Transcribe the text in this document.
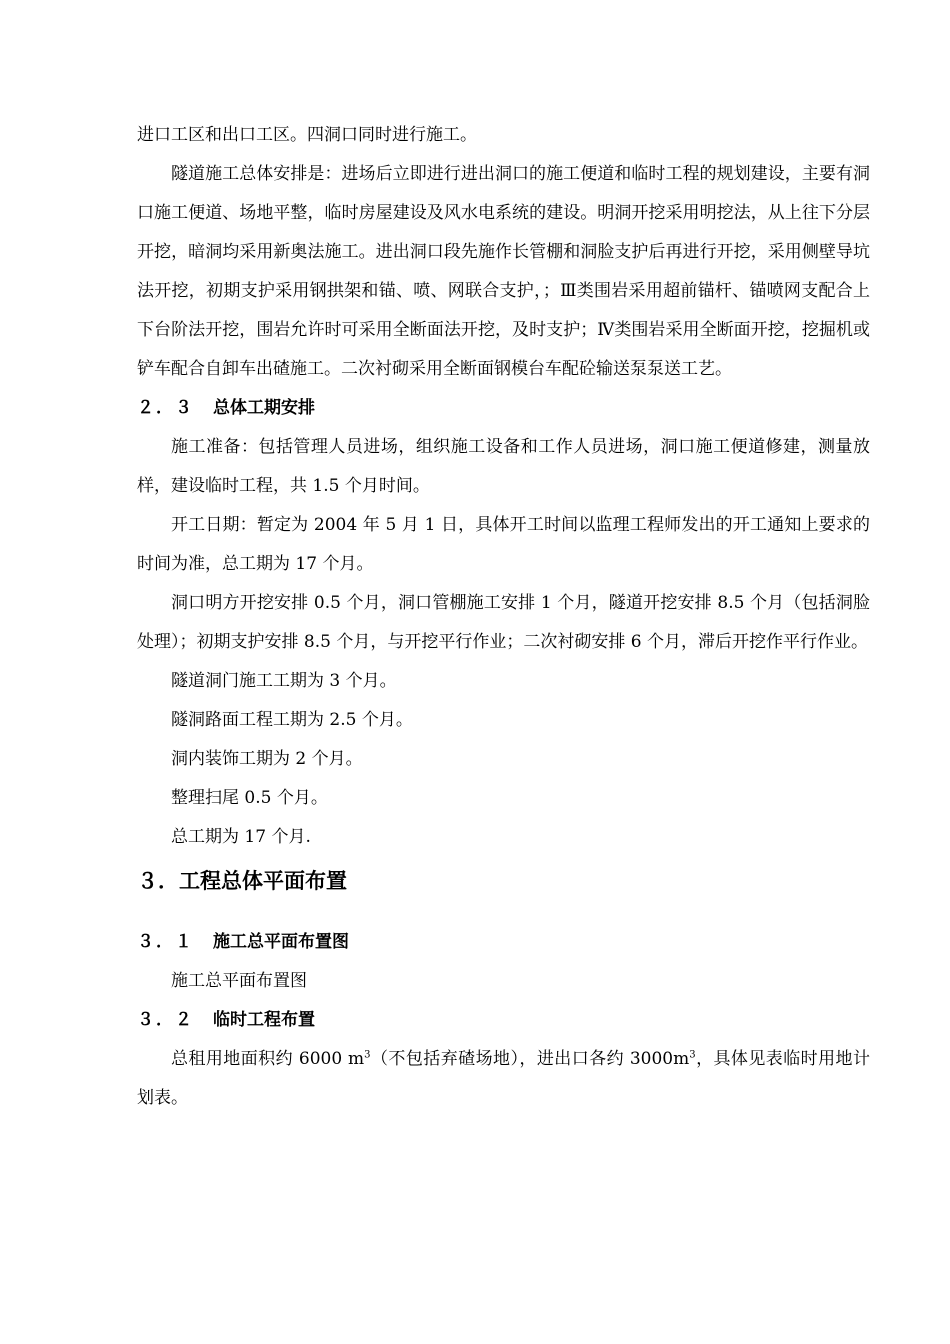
进口工区和出口工区。四洞口同时进行施工。

隧道施工总体安排是：进场后立即进行进出洞口的施工便道和临时工程的规划建设，主要有洞口施工便道、场地平整，临时房屋建设及风水电系统的建设。明洞开挖采用明挖法，从上往下分层开挖，暗洞均采用新奥法施工。进出洞口段先施作长管棚和洞脸支护后再进行开挖，采用侧壁导坑法开挖，初期支护采用钢拱架和锚、喷、网联合支护，；Ⅲ类围岩采用超前锚杆、锚喷网支配合上下台阶法开挖，围岩允许时可采用全断面法开挖，及时支护；Ⅳ类围岩采用全断面开挖，挖掘机或铲车配合自卸车出碴施工。二次衬砌采用全断面钢模台车配砼输送泵泵送工艺。

２．３ 总体工期安排

施工准备：包括管理人员进场，组织施工设备和工作人员进场，洞口施工便道修建，测量放样，建设临时工程，共 1.5 个月时间。

开工日期：暂定为 2004 年 5 月 1 日，具体开工时间以监理工程师发出的开工通知上要求的时间为准，总工期为 17 个月。

洞口明方开挖安排 0.5 个月，洞口管棚施工安排 1 个月，隧道开挖安排 8.5 个月（包括洞脸处理）；初期支护安排 8.5 个月，与开挖平行作业；二次衬砌安排 6 个月，滞后开挖作平行作业。

隧道洞门施工工期为 3 个月。

隧洞路面工程工期为 2.5 个月。

洞内装饰工期为 2 个月。

整理扫尾 0.5 个月。

总工期为 17 个月.

３．工程总体平面布置
３．１ 施工总平面布置图

施工总平面布置图

３．２ 临时工程布置

总租用地面积约 6000 $m^3$（不包括弃碴场地），进出口各约 $3000m^3$，具体见表临时用地计划表。
